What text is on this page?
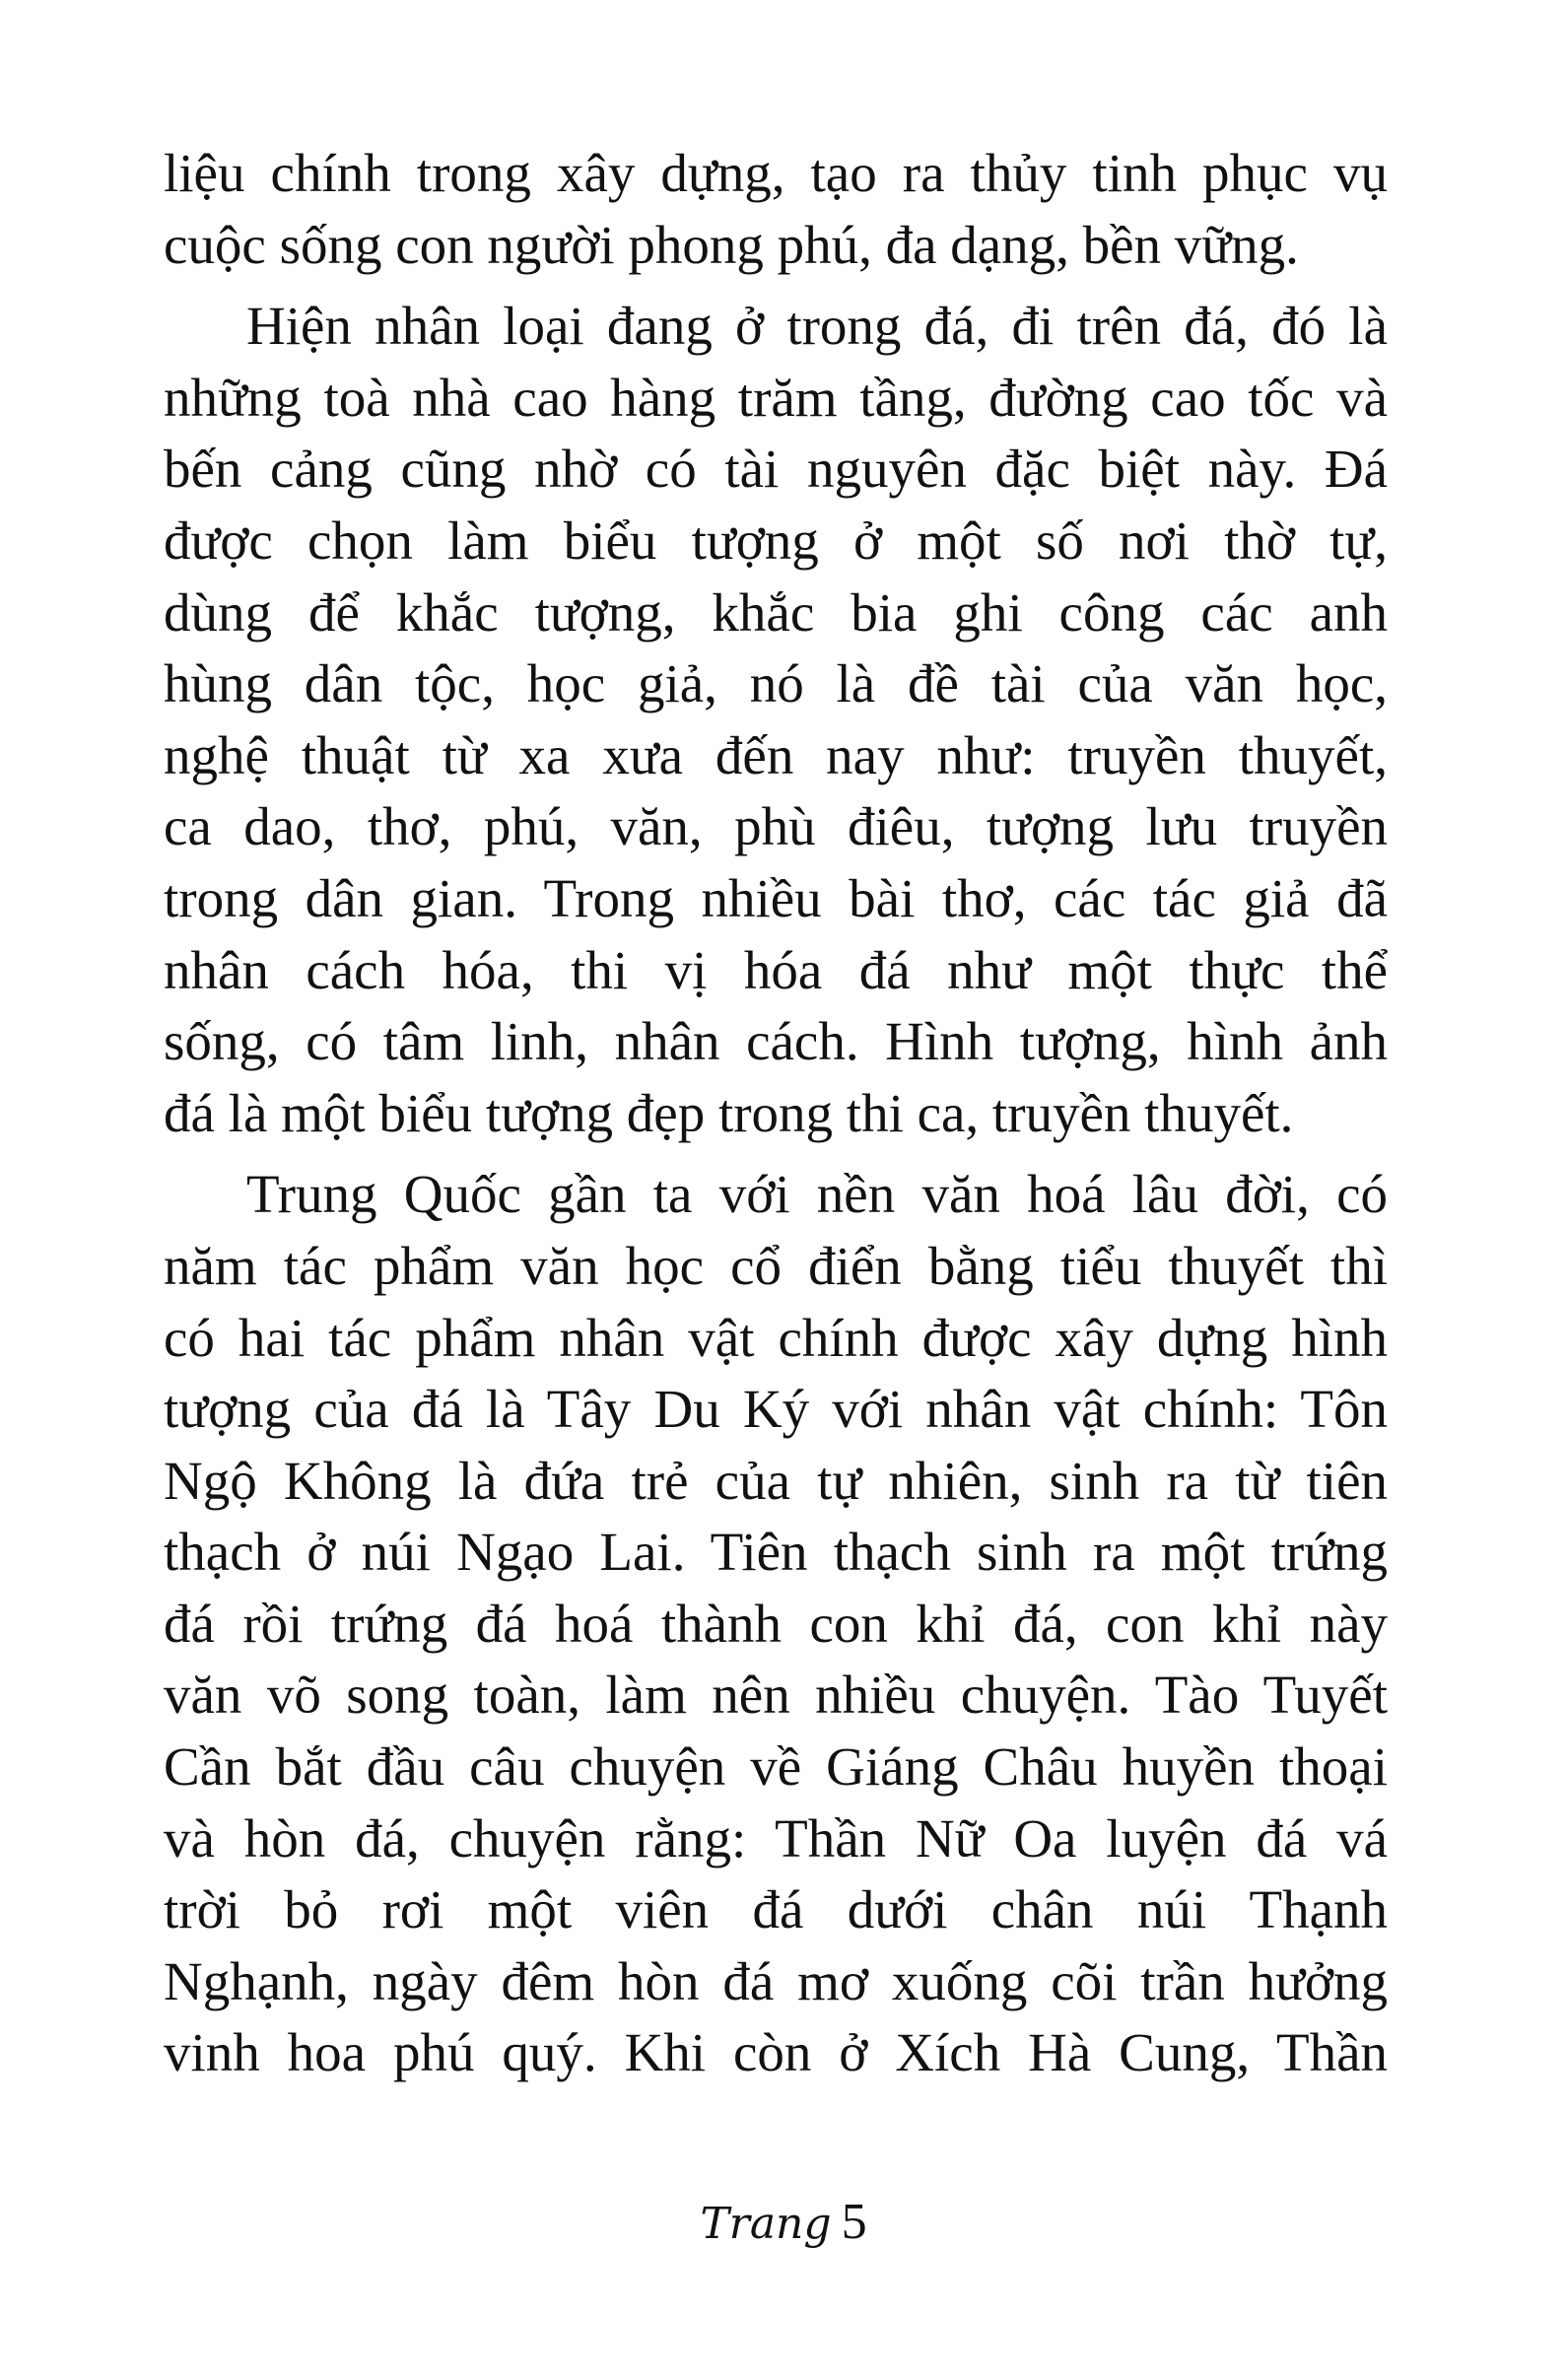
liệu chính trong xây dựng, tạo ra thủy tinh phục vụ
cuộc sống con người phong phú, đa dạng, bền vững.
Hiện nhân loại đang ở trong đá, đi trên đá, đó là
những toà nhà cao hàng trăm tầng, đường cao tốc và
bến cảng cũng nhờ có tài nguyên đặc biệt này. Đá
được chọn làm biểu tượng ở một số nơi thờ tự,
dùng để khắc tượng, khắc bia ghi công các anh
hùng dân tộc, học giả, nó là đề tài của văn học,
nghệ thuật từ xa xưa đến nay như: truyền thuyết,
ca dao, thơ, phú, văn, phù điêu, tượng lưu truyền
trong dân gian. Trong nhiều bài thơ, các tác giả đã
nhân cách hóa, thi vị hóa đá như một thực thể
sống, có tâm linh, nhân cách. Hình tượng, hình ảnh
đá là một biểu tượng đẹp trong thi ca, truyền thuyết.
Trung Quốc gần ta với nền văn hoá lâu đời, có
năm tác phẩm văn học cổ điển bằng tiểu thuyết thì
có hai tác phẩm nhân vật chính được xây dựng hình
tượng của đá là Tây Du Ký với nhân vật chính: Tôn
Ngộ Không là đứa trẻ của tự nhiên, sinh ra từ tiên
thạch ở núi Ngạo Lai. Tiên thạch sinh ra một trứng
đá rồi trứng đá hoá thành con khỉ đá, con khỉ này
văn võ song toàn, làm nên nhiều chuyện. Tào Tuyết
Cần bắt đầu câu chuyện về Giáng Châu huyền thoại
và hòn đá, chuyện rằng: Thần Nữ Oa luyện đá vá
trời bỏ rơi một viên đá dưới chân núi Thạnh
Nghạnh, ngày đêm hòn đá mơ xuống cõi trần hưởng
vinh hoa phú quý. Khi còn ở Xích Hà Cung, Thần
Trang 5
